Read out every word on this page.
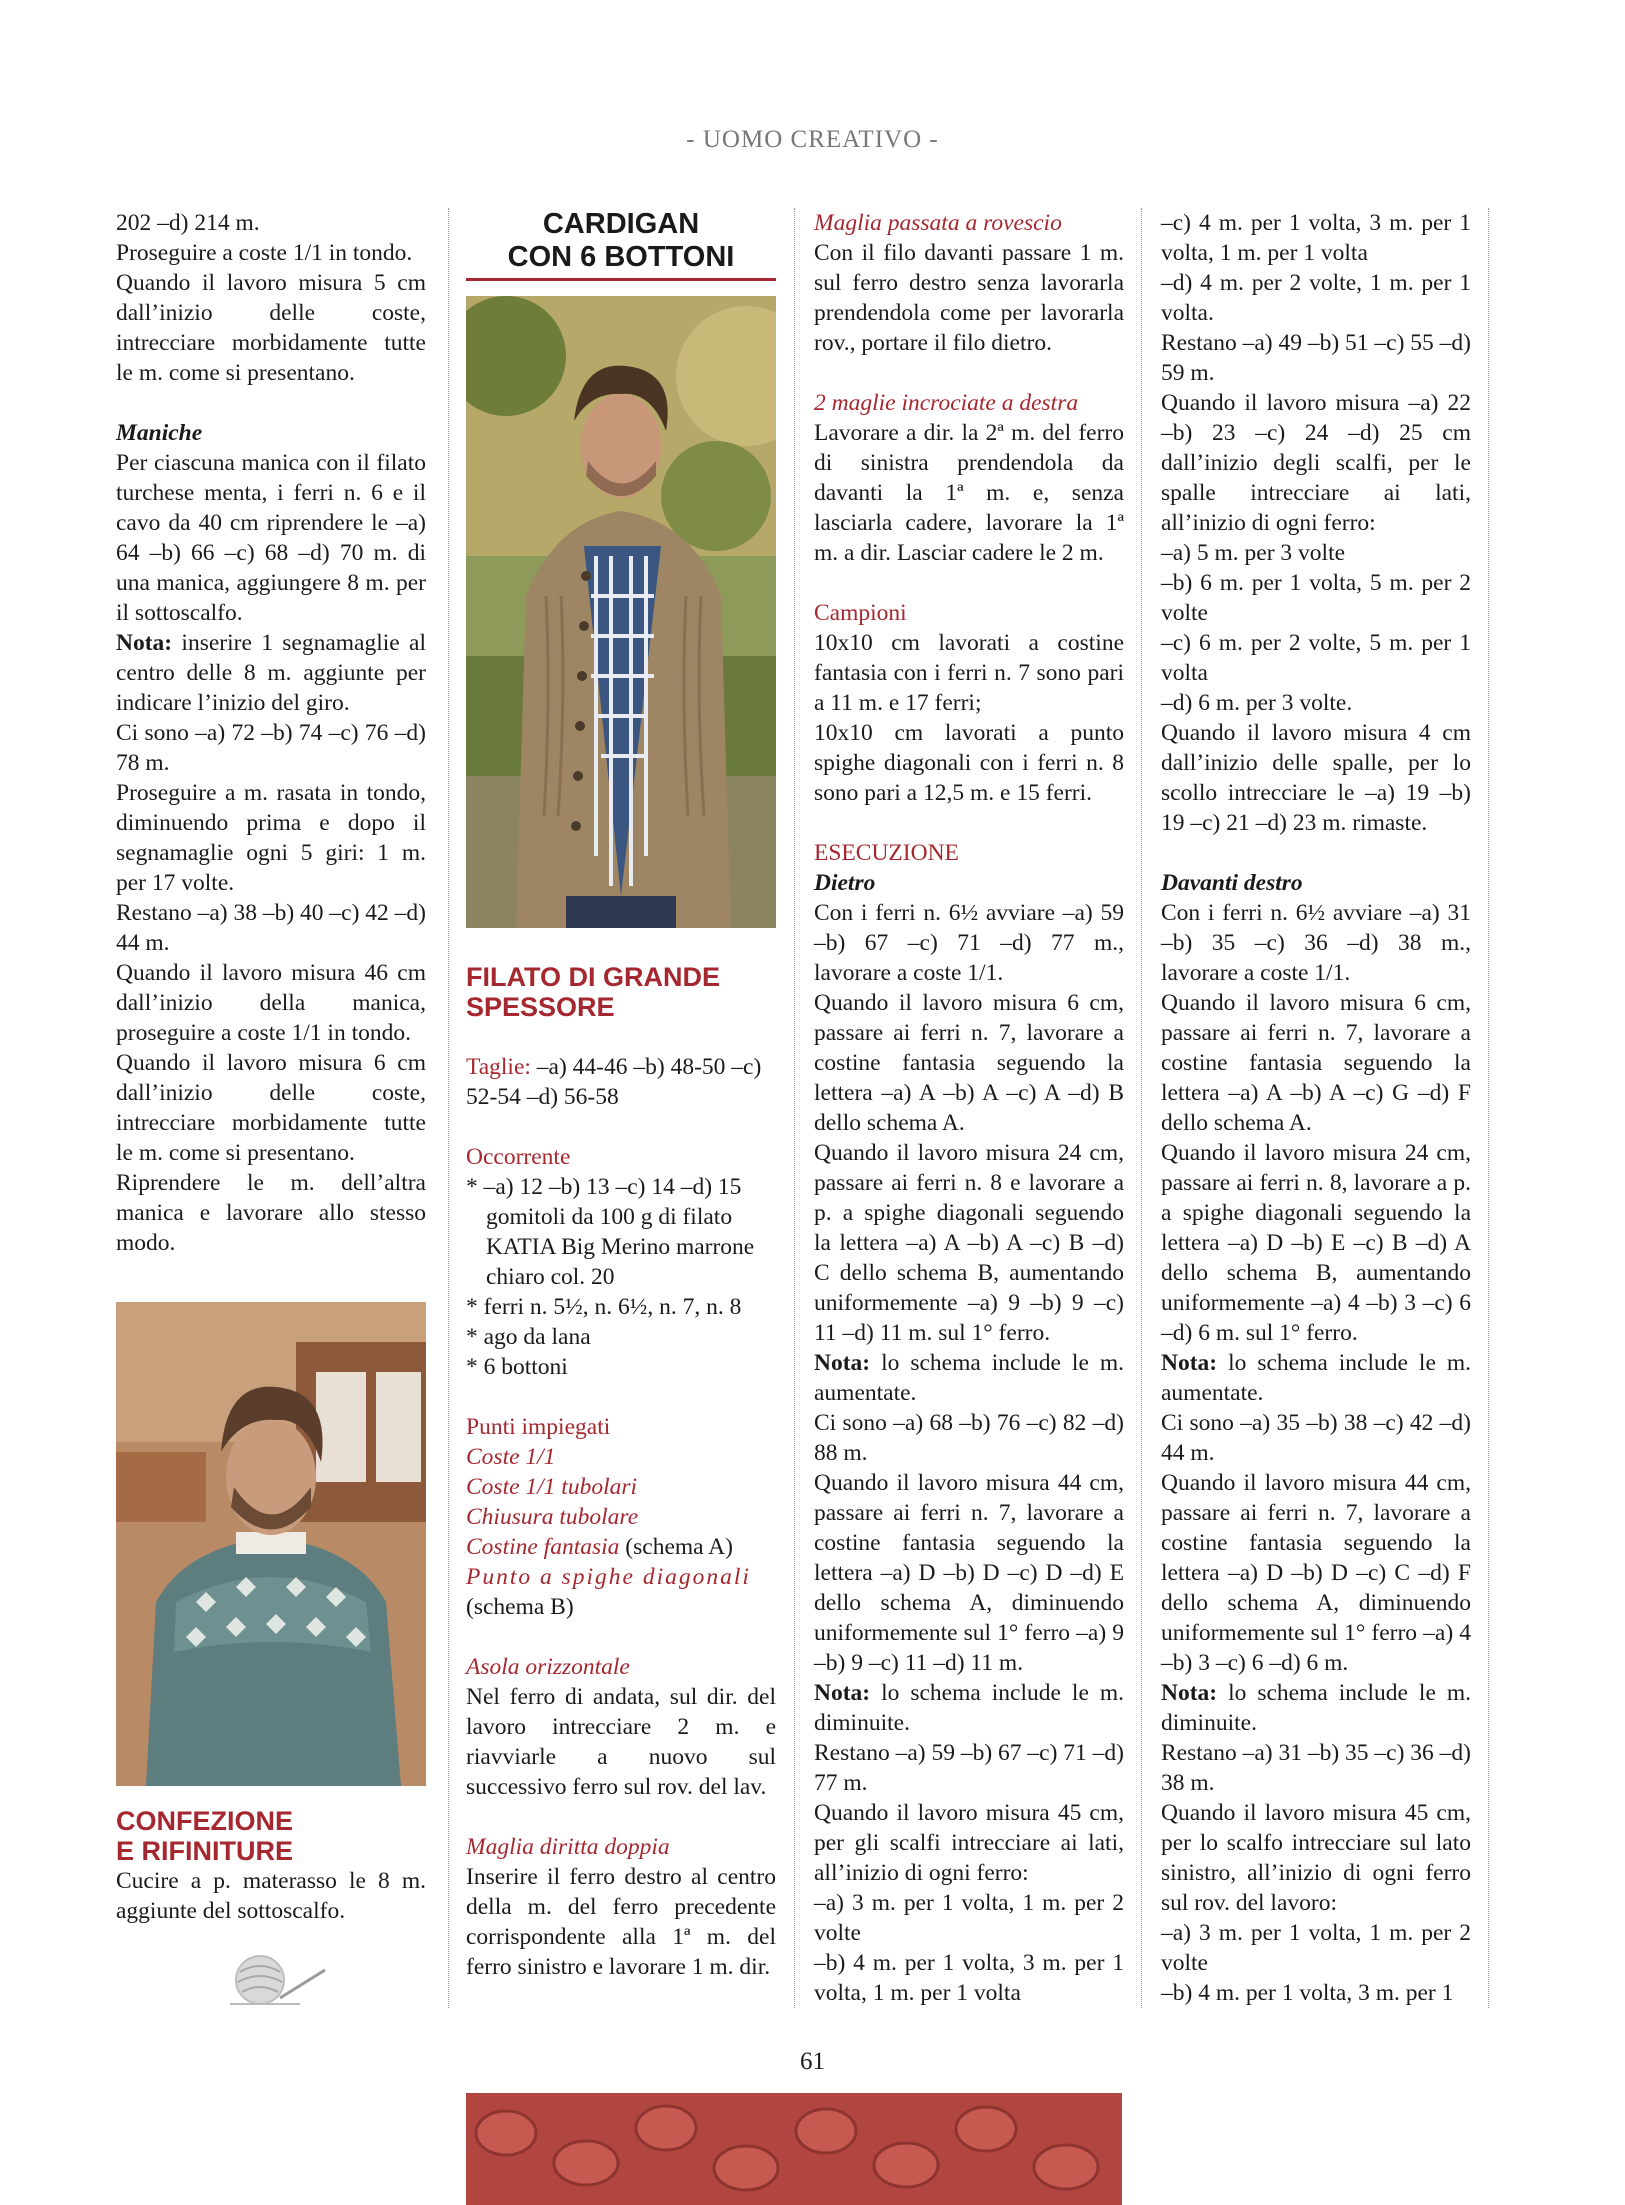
- UOMO CREATIVO -

202 –d) 214 m.

Proseguire a coste 1/1 in tondo.

Quando il lavoro misura 5 cm dall’inizio delle coste, intrecciare morbidamente tutte le m. come si presentano.

Maniche

Per ciascuna manica con il filato turchese menta, i ferri n. 6 e il cavo da 40 cm riprendere le –a) 64 –b) 66 –c) 68 –d) 70 m. di una manica, aggiungere 8 m. per il sottoscalfo.

Nota: inserire 1 segnamaglie al centro delle 8 m. aggiunte per indicare l’inizio del giro.

Ci sono –a) 72 –b) 74 –c) 76 –d) 78 m.

Proseguire a m. rasata in tondo, diminuendo prima e dopo il segnamaglie ogni 5 giri: 1 m. per 17 volte.

Restano –a) 38 –b) 40 –c) 42 –d) 44 m.

Quando il lavoro misura 46 cm dall’inizio della manica, proseguire a coste 1/1 in tondo.

Quando il lavoro misura 6 cm dall’inizio delle coste, intrecciare morbidamente tutte le m. come si presentano.

Riprendere le m. dell’altra manica e lavorare allo stesso modo.

CONFEZIONE

E RIFINITURE

Cucire a p. materasso le 8 m. aggiunte del sottoscalfo.

CARDIGAN
CON 6 BOTTONI

FILATO DI GRANDE

SPESSORE

Taglie: –a) 44-46 –b) 48-50 –c) 52-54 –d) 56-58

Occorrente

* –a) 12 –b) 13 –c) 14 –d) 15 gomitoli da 100 g di filato KATIA Big Merino marrone chiaro col. 20

* ferri n. 5½, n. 6½, n. 7, n. 8

* ago da lana

* 6 bottoni

Punti impiegati

Coste 1/1

Coste 1/1 tubolari

Chiusura tubolare

Costine fantasia (schema A)

Punto a spighe diagonali

(schema B)

Asola orizzontale

Nel ferro di andata, sul dir. del lavoro intrecciare 2 m. e riavviarle a nuovo sul successivo ferro sul rov. del lav.

Maglia diritta doppia

Inserire il ferro destro al centro della m. del ferro precedente corrispondente alla 1ª m. del ferro sinistro e lavorare 1 m. dir.

Maglia passata a rovescio

Con il filo davanti passare 1 m. sul ferro destro senza lavorarla prendendola come per lavorarla rov., portare il filo dietro.

2 maglie incrociate a destra

Lavorare a dir. la 2ª m. del ferro di sinistra prendendola da davanti la 1ª m. e, senza lasciarla cadere, lavorare la 1ª m. a dir. Lasciar cadere le 2 m.

Campioni

10x10 cm lavorati a costine fantasia con i ferri n. 7 sono pari a 11 m. e 17 ferri;

10x10 cm lavorati a punto spighe diagonali con i ferri n. 8 sono pari a 12,5 m. e 15 ferri.

ESECUZIONE

Dietro

Con i ferri n. 6½ avviare –a) 59 –b) 67 –c) 71 –d) 77 m., lavorare a coste 1/1.

Quando il lavoro misura 6 cm, passare ai ferri n. 7, lavorare a costine fantasia seguendo la lettera –a) A –b) A –c) A –d) B dello schema A.

Quando il lavoro misura 24 cm, passare ai ferri n. 8 e lavorare a p. a spighe diagonali seguendo la lettera –a) A –b) A –c) B –d) C dello schema B, aumentando uniformemente –a) 9 –b) 9 –c) 11 –d) 11 m. sul 1° ferro.

Nota: lo schema include le m. aumentate.

Ci sono –a) 68 –b) 76 –c) 82 –d) 88 m.

Quando il lavoro misura 44 cm, passare ai ferri n. 7, lavorare a costine fantasia seguendo la lettera –a) D –b) D –c) D –d) E dello schema A, diminuendo uniformemente sul 1° ferro –a) 9 –b) 9 –c) 11 –d) 11 m.

Nota: lo schema include le m. diminuite.

Restano –a) 59 –b) 67 –c) 71 –d) 77 m.

Quando il lavoro misura 45 cm, per gli scalfi intrecciare ai lati, all’inizio di ogni ferro:

–a) 3 m. per 1 volta, 1 m. per 2 volte

–b) 4 m. per 1 volta, 3 m. per 1 volta, 1 m. per 1 volta

–c) 4 m. per 1 volta, 3 m. per 1 volta, 1 m. per 1 volta

–d) 4 m. per 2 volte, 1 m. per 1 volta.

Restano –a) 49 –b) 51 –c) 55 –d) 59 m.

Quando il lavoro misura –a) 22 –b) 23 –c) 24 –d) 25 cm dall’inizio degli scalfi, per le spalle intrecciare ai lati, all’inizio di ogni ferro:

–a) 5 m. per 3 volte

–b) 6 m. per 1 volta, 5 m. per 2 volte

–c) 6 m. per 2 volte, 5 m. per 1 volta

–d) 6 m. per 3 volte.

Quando il lavoro misura 4 cm dall’inizio delle spalle, per lo scollo intrecciare le –a) 19 –b) 19 –c) 21 –d) 23 m. rimaste.

Davanti destro

Con i ferri n. 6½ avviare –a) 31 –b) 35 –c) 36 –d) 38 m., lavorare a coste 1/1.

Quando il lavoro misura 6 cm, passare ai ferri n. 7, lavorare a costine fantasia seguendo la lettera –a) A –b) A –c) G –d) F dello schema A.

Quando il lavoro misura 24 cm, passare ai ferri n. 8, lavorare a p. a spighe diagonali seguendo la lettera –a) D –b) E –c) B –d) A dello schema B, aumentando uniformemente –a) 4 –b) 3 –c) 6 –d) 6 m. sul 1° ferro.

Nota: lo schema include le m. aumentate.

Ci sono –a) 35 –b) 38 –c) 42 –d) 44 m.

Quando il lavoro misura 44 cm, passare ai ferri n. 7, lavorare a costine fantasia seguendo la lettera –a) D –b) D –c) C –d) F dello schema A, diminuendo uniformemente sul 1° ferro –a) 4 –b) 3 –c) 6 –d) 6 m.

Nota: lo schema include le m. diminuite.

Restano –a) 31 –b) 35 –c) 36 –d) 38 m.

Quando il lavoro misura 45 cm, per lo scalfo intrecciare sul lato sinistro, all’inizio di ogni ferro sul rov. del lavoro:

–a) 3 m. per 1 volta, 1 m. per 2 volte

–b) 4 m. per 1 volta, 3 m. per 1

61
